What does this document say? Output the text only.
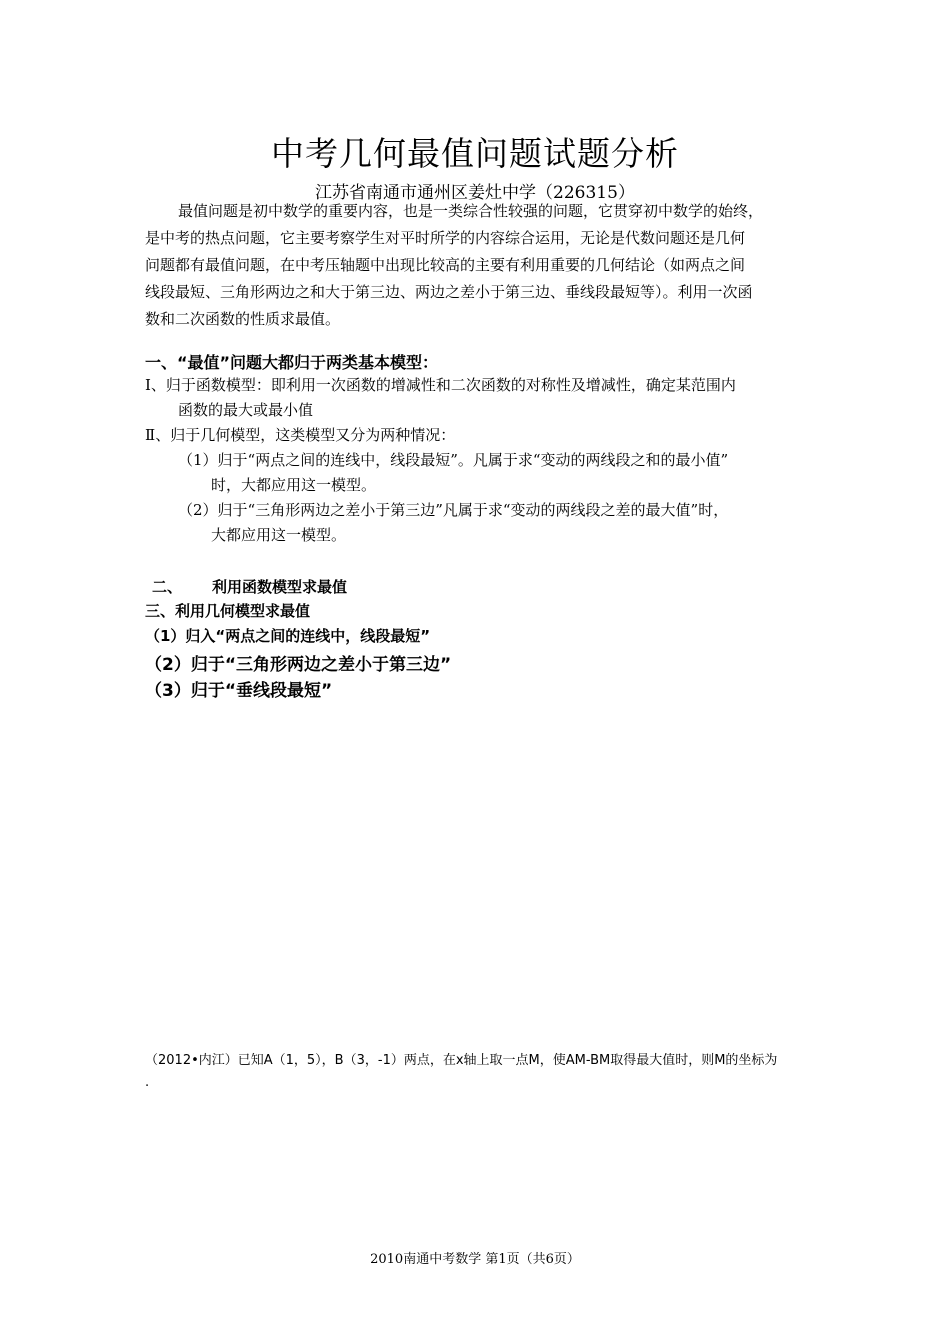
中考几何最值问题试题分析
江苏省南通市通州区姜灶中学（226315）
最值问题是初中数学的重要内容，也是一类综合性较强的问题，它贯穿初中数学的始终，
是中考的热点问题，它主要考察学生对平时所学的内容综合运用，无论是代数问题还是几何
问题都有最值问题，在中考压轴题中出现比较高的主要有利用重要的几何结论（如两点之间
线段最短、三角形两边之和大于第三边、两边之差小于第三边、垂线段最短等）。利用一次函
数和二次函数的性质求最值。
一、“最值”问题大都归于两类基本模型：
Ⅰ、归于函数模型：即利用一次函数的增减性和二次函数的对称性及增减性，确定某范围内
函数的最大或最小值
Ⅱ、归于几何模型，这类模型又分为两种情况：
（1）归于“两点之间的连线中，线段最短”。凡属于求“变动的两线段之和的最小值”
时，大都应用这一模型。
（2）归于“三角形两边之差小于第三边”凡属于求“变动的两线段之差的最大值”时，
大都应用这一模型。
二、 利用函数模型求最值
三、利用几何模型求最值
（1）归入“两点之间的连线中，线段最短”
（2）归于“三角形两边之差小于第三边”
（3）归于“垂线段最短”
（2012•内江）已知A（1，5），B（3，-1）两点，在x轴上取一点M，使AM-BM取得最大值时，则M的坐标为
.
2010南通中考数学 第1页（共6页）
